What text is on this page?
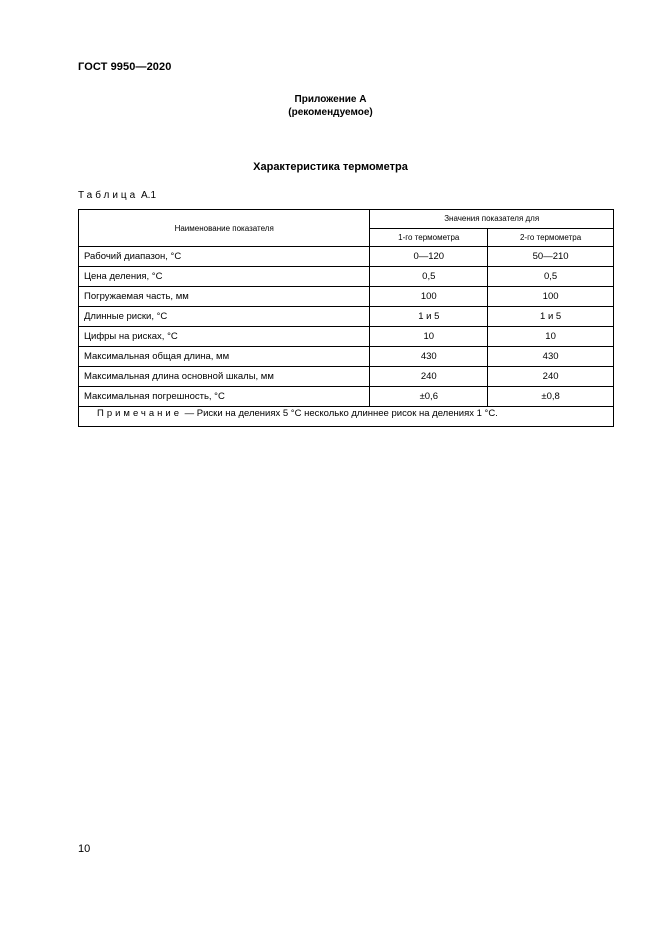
ГОСТ 9950—2020
Приложение А
(рекомендуемое)
Характеристика термометра
Таблица А.1
Наименование показателя	Значения показателя для	
	1-го термометра	2-го термометра
Рабочий диапазон, °С	0—120	50—210
Цена деления, °С	0,5	0,5
Погружаемая часть, мм	100	100
Длинные риски, °С	1 и 5	1 и 5
Цифры на рисках, °С	10	10
Максимальная общая длина, мм	430	430
Максимальная длина основной шкалы, мм	240	240
Максимальная погрешность, °С	±0,6	±0,8
Примечание — Риски на делениях 5 °С несколько длиннее рисок на делениях 1 °С.		
10
